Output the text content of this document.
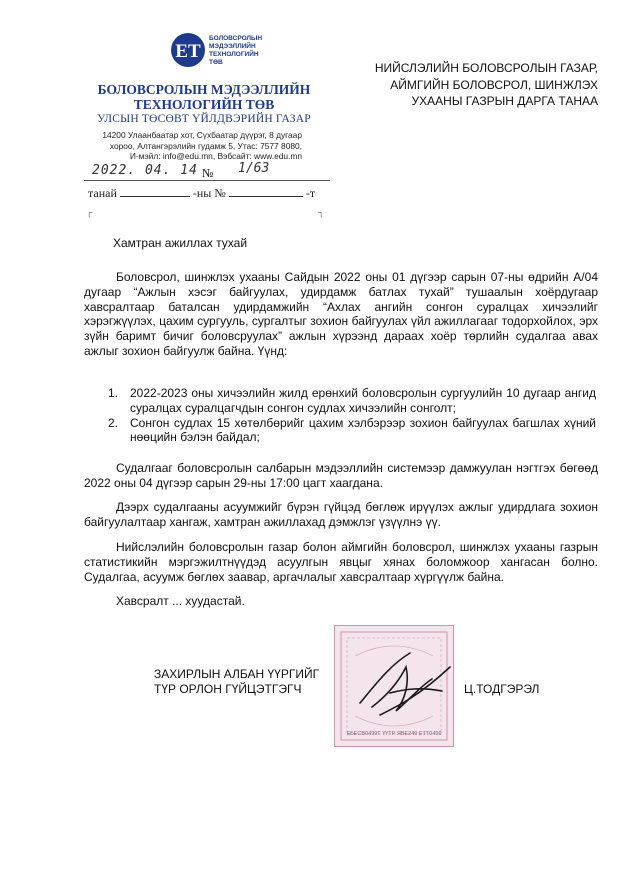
ЕТ
БОЛОВСРОЛЫН
МЭДЭЭЛЛИЙН
ТЕХНОЛОГИЙН
ТӨВ
БОЛОВСРОЛЫН МЭДЭЭЛЛИЙН
ТЕХНОЛОГИЙН ТӨВ
УЛСЫН ТӨСӨВТ ҮЙЛДВЭРИЙН ГАЗАР
14200 Улаанбаатар хот, Сүхбаатар дүүрэг, 8 дугаар
хороо, Алтангэрэлийн гудамж 5, Утас: 7577 8080,
И-мэйл: info@edu.mn, Вэбсайт: www.edu.mn
2022. 04. 14 № 1/63
танай	-ны №	-т
┌	┐
НИЙСЛЭЛИЙН БОЛОВСРОЛЫН ГАЗАР,
АЙМГИЙН БОЛОВСРОЛ, ШИНЖЛЭХ
УХААНЫ ГАЗРЫН ДАРГА ТАНАА
Хамтран ажиллах тухай

Боловсрол, шинжлэх ухааны Сайдын 2022 оны 01 дүгээр сарын 07-ны өдрийн А/04 дугаар “Ажлын хэсэг байгуулах, удирдамж батлах тухай” тушаалын хоёрдугаар хавсралтаар баталсан удирдамжийн “Ахлах ангийн сонгон суралцах хичээлийг хэрэгжүүлэх, цахим сургууль, сургалтыг зохион байгуулах үйл ажиллагааг тодорхойлох, эрх зүйн баримт бичиг боловсруулах” ажлын хүрээнд дараах хоёр төрлийн судалгаа авах ажлыг зохион байгуулж байна. Үүнд:

1. 2022-2023 оны хичээлийн жилд ерөнхий боловсролын сургуулийн 10 дугаар ангид суралцах суралцагчдын сонгон судлах хичээлийн сонголт;
2. Сонгон судлах 15 хөтөлбөрийг цахим хэлбэрээр зохион байгуулах багшлах хүний нөөцийн бэлэн байдал;

Судалгааг боловсролын салбарын мэдээллийн системээр дамжуулан нэгтгэх бөгөөд 2022 оны 04 дүгээр сарын 29-ны 17:00 цагт хаагдана.

Дээрх судалгааны асуумжийг бүрэн гүйцэд бөглөж ирүүлэх ажлыг удирдлага зохион байгуулалтаар хангаж, хамтран ажиллахад дэмжлэг үзүүлнэ үү.

Нийслэлийн боловсролын газар болон аймгийн боловсрол, шинжлэх ухааны газрын статистикийн мэргэжилтнүүдэд асуулгын явцыг хянах боломжоор хангасан болно. Судалгаа, асуумж бөглөх заавар, аргачлалыг хавсралтаар хүргүүлж байна.

Хавсралт ... хуудастай.

ЕБЕСВ0499Т ҮҮТР ЯВЕ249 ЕТТ0499
ЗАХИРЛЫН АЛБАН ҮҮРГИЙГ
ТҮР ОРЛОН ГҮЙЦЭТГЭГЧ	Ц.ТОДГЭРЭЛ
